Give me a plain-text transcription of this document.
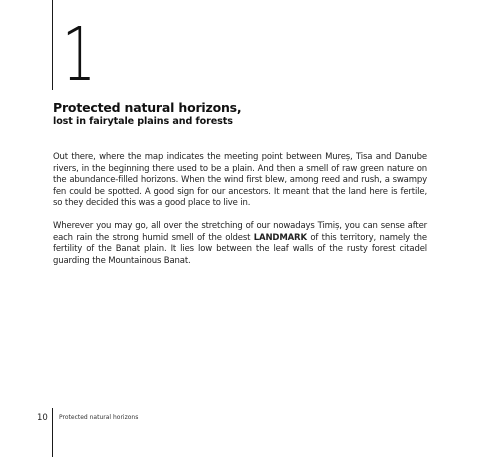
1
Protected natural horizons,
lost in fairytale plains and forests

Out there, where the map indicates the meeting point between Mureș, Tisa and Danube rivers, in the beginning there used to be a plain. And then a smell of raw green nature on the abundance-filled horizons. When the wind first blew, among reed and rush, a swampy fen could be spotted. A good sign for our ancestors. It meant that the land here is fertile, so they decided this was a good place to live in.

Wherever you may go, all over the stretching of our nowadays Timiș, you can sense after each rain the strong humid smell of the oldest LANDMARK of this territory, namely the fertility of the Banat plain. It lies low between the leaf walls of the rusty forest citadel guarding the Mountainous Banat.

10 Protected natural horizons
